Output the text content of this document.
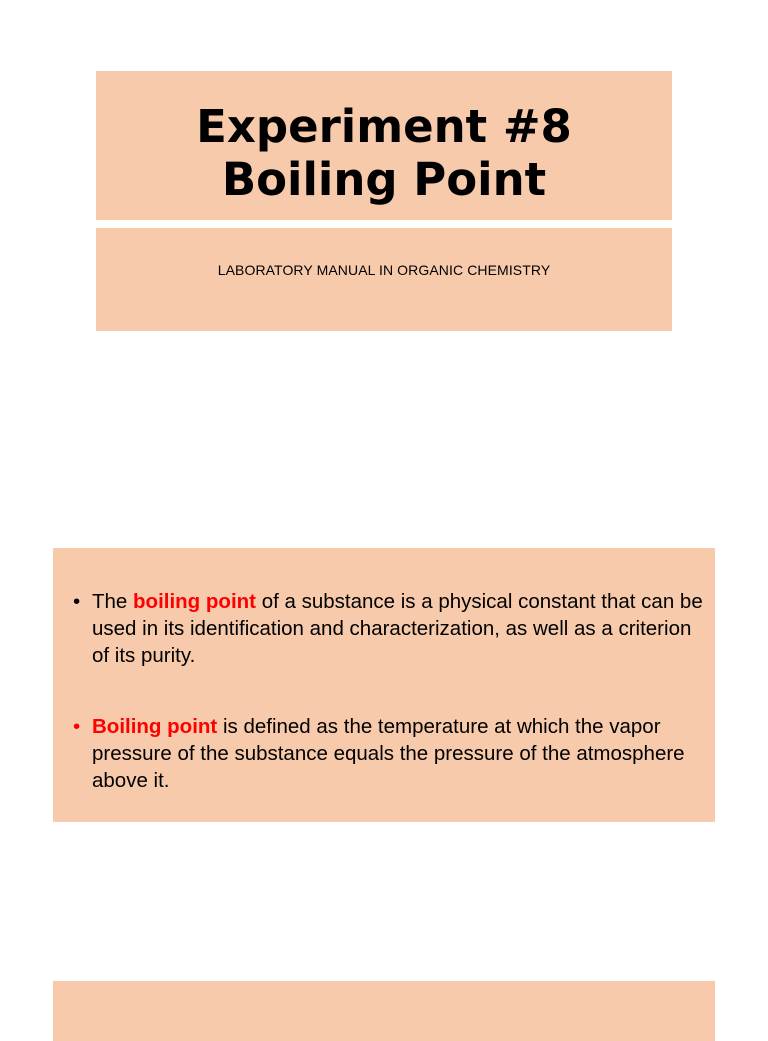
Experiment #8
Boiling Point
LABORATORY MANUAL IN ORGANIC CHEMISTRY
• The boiling point of a substance is a physical constant that can be used in its identification and characterization, as well as a criterion of its purity.
• Boiling point is defined as the temperature at which the vapor pressure of the substance equals the pressure of the atmosphere above it.
